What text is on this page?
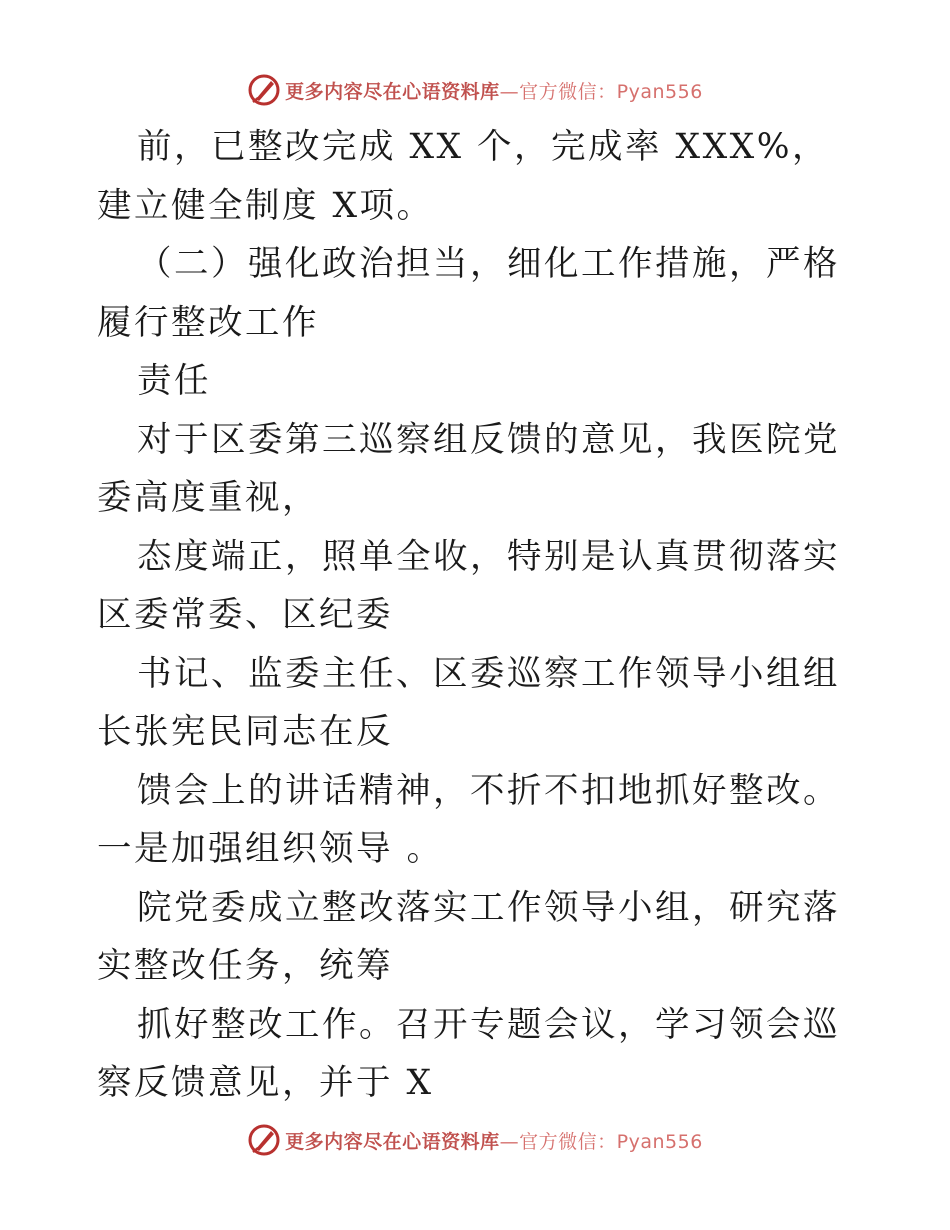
更多内容尽在心语资料库 —官方微信：Pyan556

前，已整改完成 XX 个，完成率 XXX%，建立健全制度 X项。

（二）强化政治担当，细化工作措施，严格履行整改工作

责任

对于区委第三巡察组反馈的意见，我医院党委高度重视，

态度端正，照单全收，特别是认真贯彻落实区委常委、区纪委

书记、监委主任、区委巡察工作领导小组组长张宪民同志在反

馈会上的讲话精神，不折不扣地抓好整改。一是加强组织领导 。

院党委成立整改落实工作领导小组，研究落实整改任务，统筹

抓好整改工作。召开专题会议，学习领会巡察反馈意见，并于 X

更多内容尽在心语资料库 —官方微信：Pyan556
